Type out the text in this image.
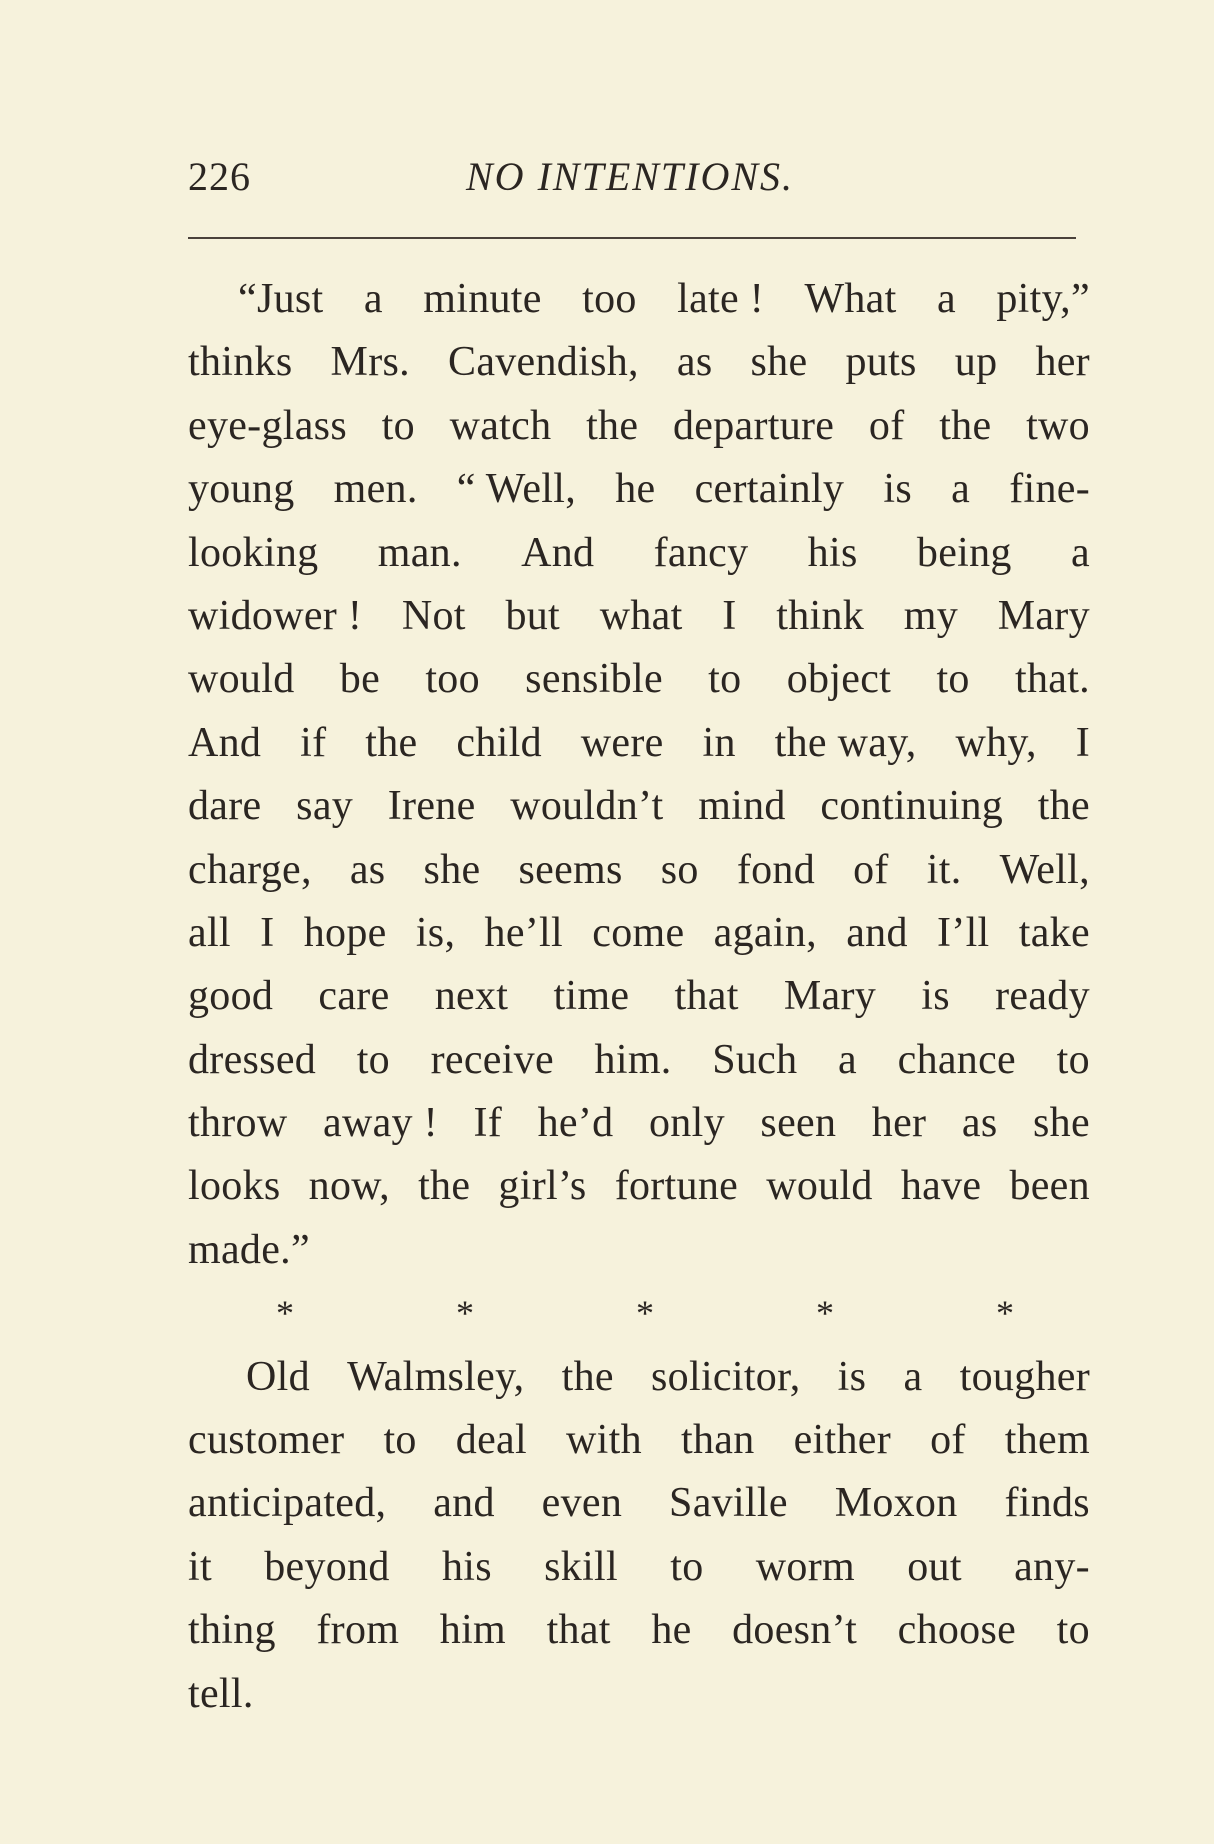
226	NO INTENTIONS.
“Just a minute too late ! What a pity,”
thinks Mrs. Cavendish, as she puts up her
eye-glass to watch the departure of the two
young men. “ Well, he certainly is a fine-
looking man. And fancy his being a
widower ! Not but what I think my Mary
would be too sensible to object to that.
And if the child were in the way, why, I
dare say Irene wouldn’t mind continuing the
charge, as she seems so fond of it. Well,
all I hope is, he’ll come again, and I’ll take
good care next time that Mary is ready
dressed to receive him. Such a chance to
throw away ! If he’d only seen her as she
looks now, the girl’s fortune would have been
made.”
*	*	*	*	*
Old Walmsley, the solicitor, is a tougher
customer to deal with than either of them
anticipated, and even Saville Moxon finds
it beyond his skill to worm out any-
thing from him that he doesn’t choose to
tell.
